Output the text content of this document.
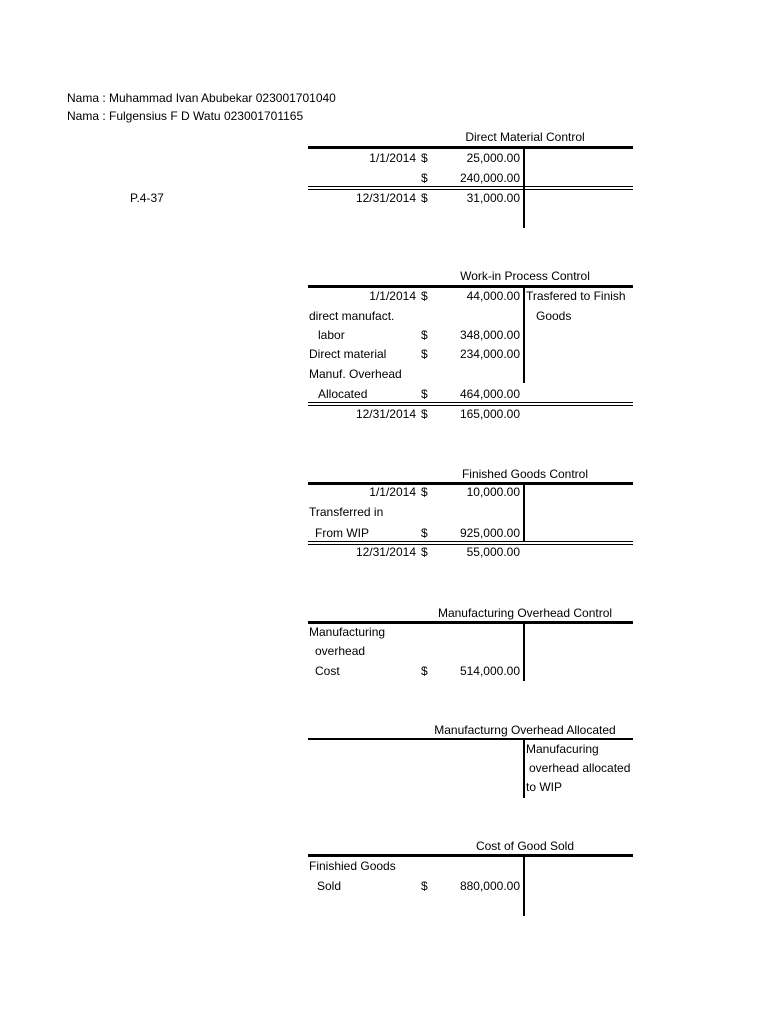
Nama : Muhammad Ivan Abubekar 023001701040
Nama : Fulgensius F D Watu 023001701165
P.4-37
Direct Material Control
1/1/2014 $	25,000.00
$	240,000.00
12/31/2014 $	31,000.00
Work-in Process Control
1/1/2014 $	44,000.00 Trasfered to Finish
Goods
direct manufact.
labor	$	348,000.00
Direct material	$	234,000.00
Manuf. Overhead
Allocated	$	464,000.00
12/31/2014 $	165,000.00
Finished Goods Control
1/1/2014 $	10,000.00
Transferred in
From WIP	$	925,000.00
12/31/2014 $	55,000.00
Manufacturing Overhead Control
Manufacturing
overhead
Cost	$	514,000.00
Manufacturng Overhead Allocated
Manufacuring
overhead allocated
to WIP
Cost of Good Sold
Finishied Goods
Sold	$	880,000.00
